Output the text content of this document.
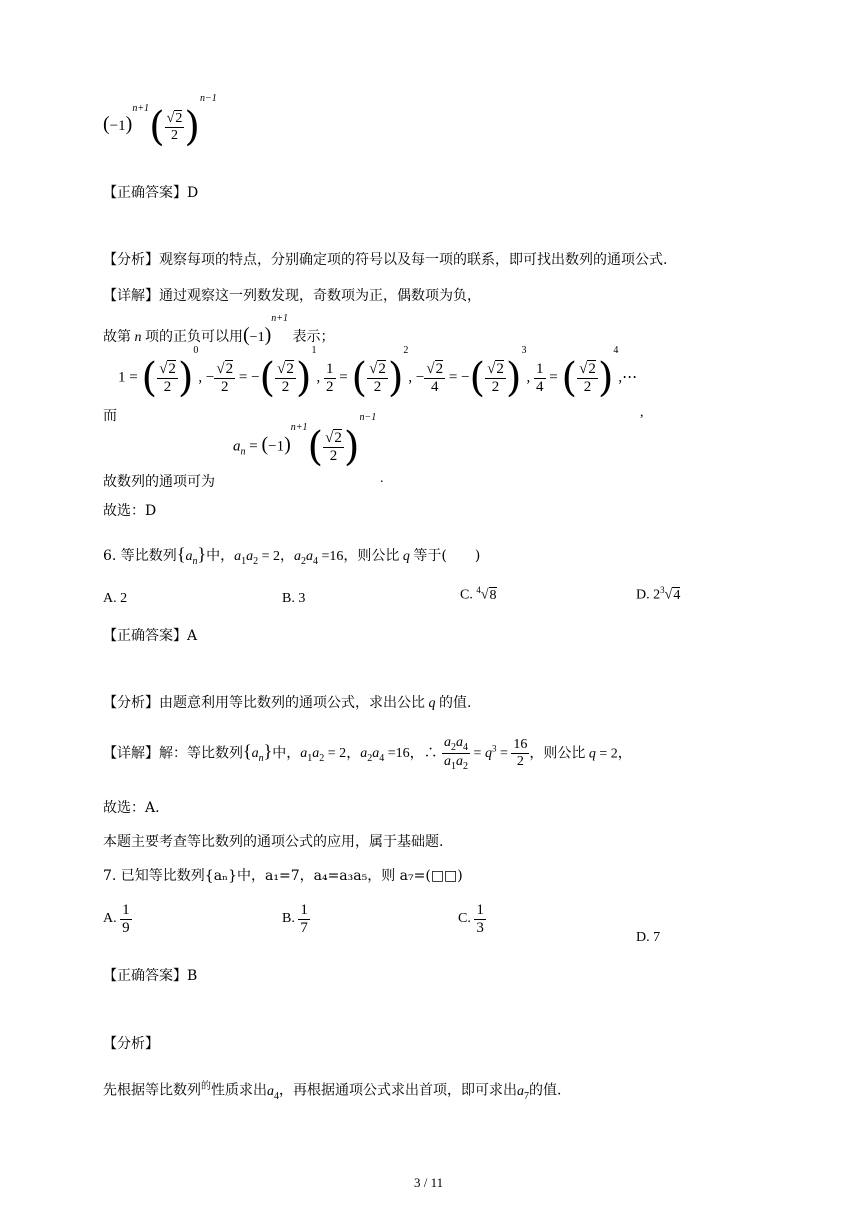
$(-1)^{n+1}( \frac{√2}{2} )^{n-1}$
【正确答案】D
【分析】观察每项的特点，分别确定项的符号以及每一项的联系，即可找出数列的通项公式.
【详解】通过观察这一列数发现，奇数项为正，偶数项为负，
故第 n 项的正负可以用$(-1)^{n+1}$ 表示；
1 = ( $\frac{√2}{2} )^0$, − $\frac{√2}{2}$ = −( $\frac{√2}{2} )^1$, $\frac{1}{2}$ = ( $\frac{√2}{2} )^2$, − $\frac{√2}{4}$ = −( $\frac{√2}{2} )^3$, $\frac{1}{4}$ = ( $\frac{√2}{2}$ )$^4$,⋯
而	,
$a_n = (-1)^{n+1}( \frac{√2}{2} )^{n-1}$
故数列的通项可为	.
故选：D
6. 等比数列$\{a_n\}$中，$a_1a_2 = 2$，$a_2a_4 =16$，则公比 q 等于(　　)
A. 2	B. 3	C. $^4$√8	D. $2^3√4$
【正确答案】A
【分析】由题意利用等比数列的通项公式，求出公比 q 的值.
【详解】解：等比数列$\{a_n\}$中，$a_1a_2 = 2$，$a_2a_4 =16$，∴ $\frac{a_2a_4}{a_1a_2} = q^3 = \frac{16}{2}$ ，则公比 q = 2，
故选：A.
本题主要考查等比数列的通项公式的应用，属于基础题.
7. 已知等比数列{aₙ}中，a₁=7，a₄=a₃a₅，则 a₇=(□□)
A. $\frac{1}{9}$	B. $\frac{1}{7}$	C. $\frac{1}{3}$
D. 7
【正确答案】B
【分析】
先根据等比数列$^的$性质求出$a_4$，再根据通项公式求出首项，即可求出$a_7$的值.
3 / 11
